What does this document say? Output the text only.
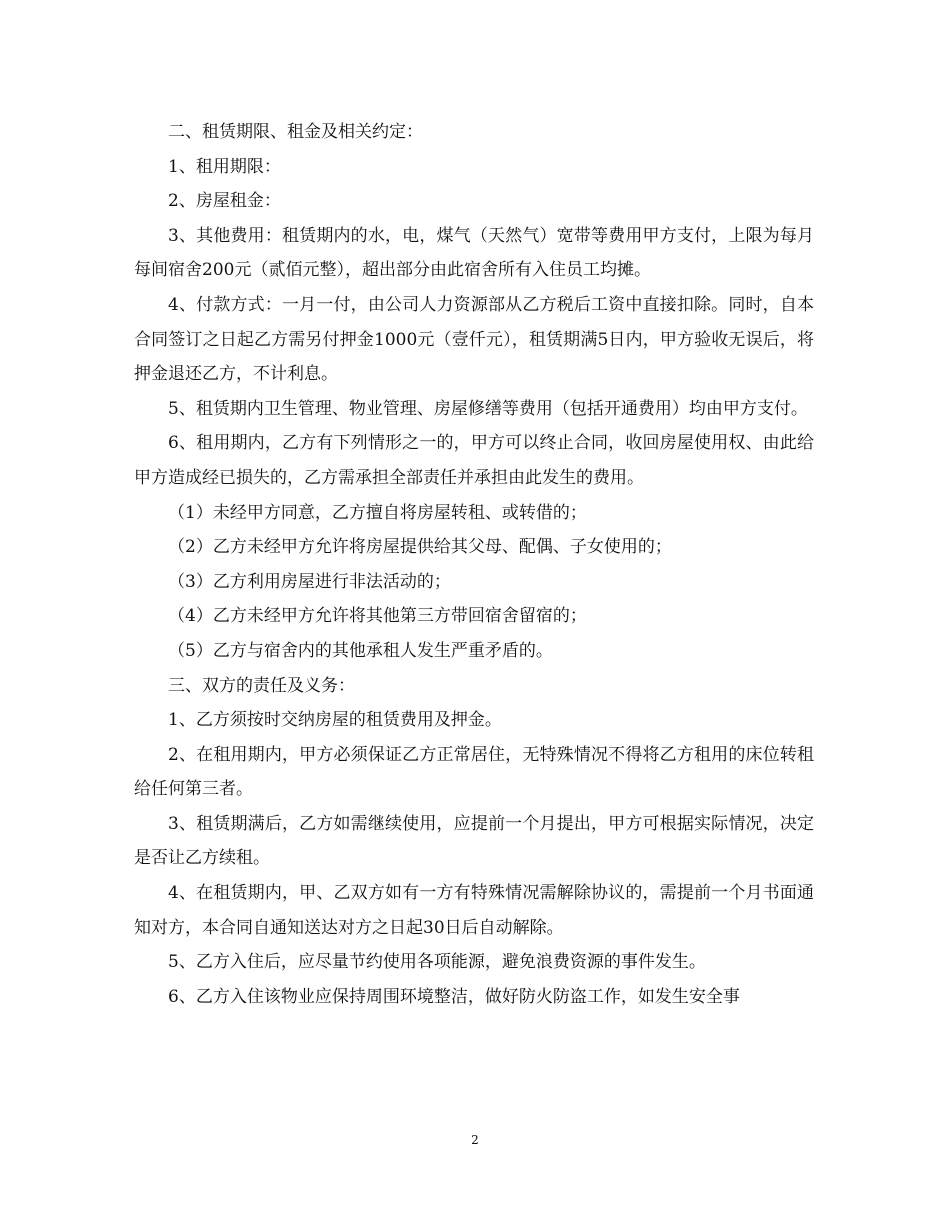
二、租赁期限、租金及相关约定：

1、租用期限：

2、房屋租金：

3、其他费用：租赁期内的水，电，煤气（天然气）宽带等费用甲方支付，上限为每月每间宿舍200元（贰佰元整），超出部分由此宿舍所有入住员工均摊。

4、付款方式：一月一付，由公司人力资源部从乙方税后工资中直接扣除。同时，自本合同签订之日起乙方需另付押金1000元（壹仟元），租赁期满5日内，甲方验收无误后，将押金退还乙方，不计利息。

5、租赁期内卫生管理、物业管理、房屋修缮等费用（包括开通费用）均由甲方支付。

6、租用期内，乙方有下列情形之一的，甲方可以终止合同，收回房屋使用权、由此给甲方造成经已损失的，乙方需承担全部责任并承担由此发生的费用。

（1）未经甲方同意，乙方擅自将房屋转租、或转借的；

（2）乙方未经甲方允许将房屋提供给其父母、配偶、子女使用的；

（3）乙方利用房屋进行非法活动的；

（4）乙方未经甲方允许将其他第三方带回宿舍留宿的；

（5）乙方与宿舍内的其他承租人发生严重矛盾的。

三、双方的责任及义务：

1、乙方须按时交纳房屋的租赁费用及押金。

2、在租用期内，甲方必须保证乙方正常居住，无特殊情况不得将乙方租用的床位转租给任何第三者。

3、租赁期满后，乙方如需继续使用，应提前一个月提出，甲方可根据实际情况，决定是否让乙方续租。

4、在租赁期内，甲、乙双方如有一方有特殊情况需解除协议的，需提前一个月书面通知对方，本合同自通知送达对方之日起30日后自动解除。

5、乙方入住后，应尽量节约使用各项能源，避免浪费资源的事件发生。

6、乙方入住该物业应保持周围环境整洁，做好防火防盗工作，如发生安全事

2
